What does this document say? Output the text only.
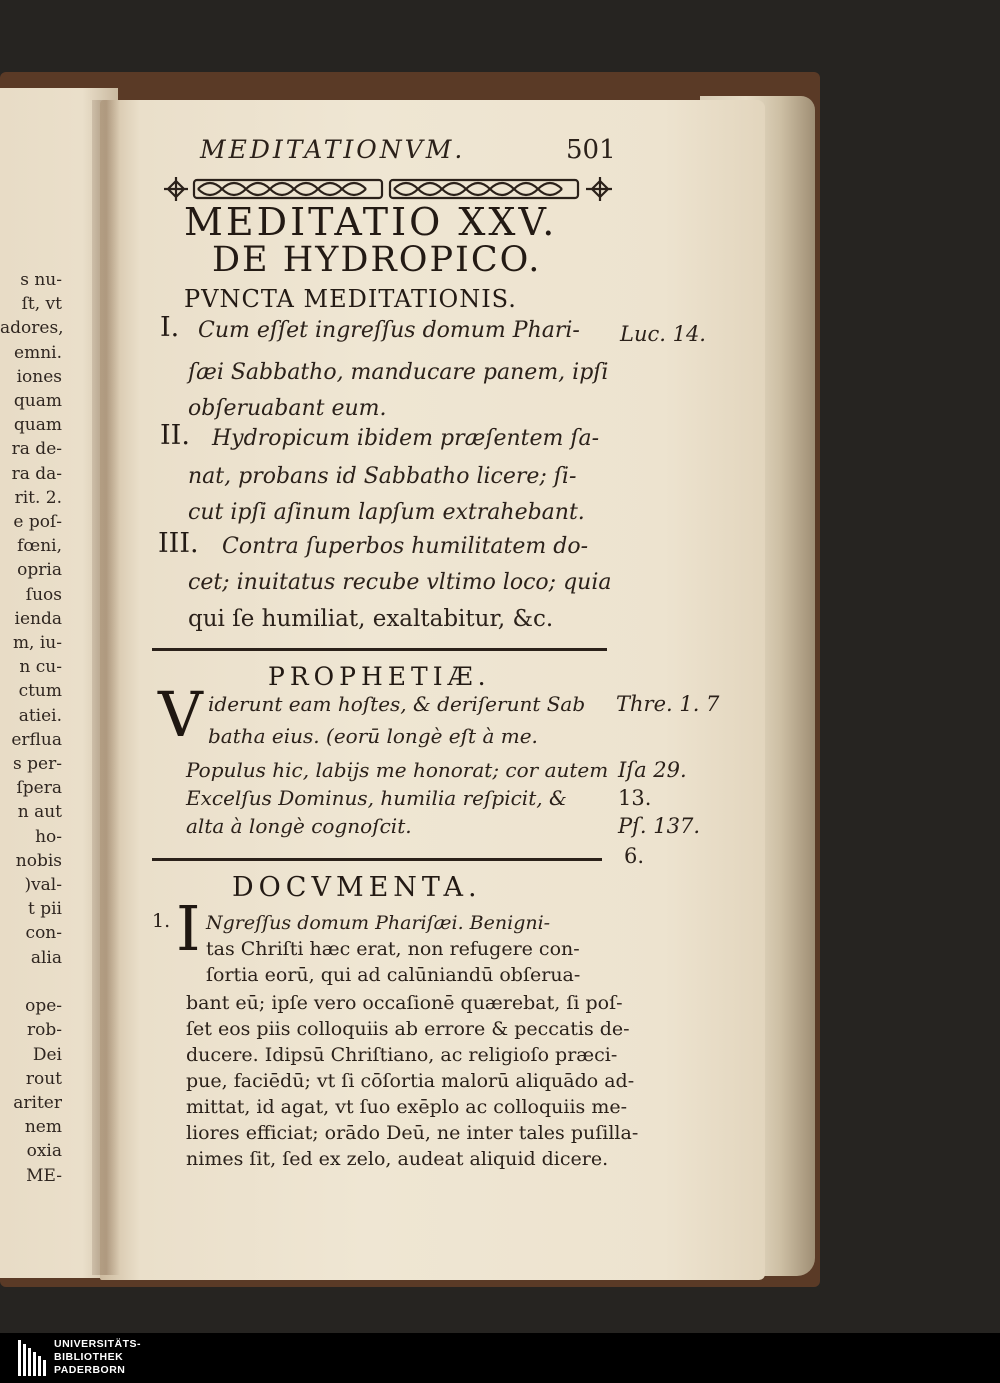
s nu-
ſt, vt
adores,
emni.
iones
quam
quam
ra de-
ra da-
rit. 2.
e poſ-
fœni,
opria
ſuos
ienda
m, iu-
n cu-
ctum
atiei.
erflua
s per-
ſpera
n aut
ho-
nobis
)val-
t pii
con-
alia

ope-
rob-
Dei
rout
ariter
nem
oxia
ME-
MEDITATIONVM.	501
MEDITATIO XXV.
DE HYDROPICO.
PVNCTA MEDITATIONIS.
I. Cum eſſet ingreſſus domum Phari-
ſæi Sabbatho, manducare panem, ipſi
obſeruabant eum.
II. Hydropicum ibidem præſentem ſa-
nat, probans id Sabbatho licere; ſi-
cut ipſi aſinum lapſum extrahebant.
III. Contra ſuperbos humilitatem do-
cet; inuitatus recube vltimo loco; quia
qui ſe humiliat, exaltabitur, &c.
Luc. 14.
PROPHETIÆ.
V iderunt eam hoſtes, & deriſerunt Sab
batha eius. (eorū longè eſt à me.
Populus hic, labijs me honorat; cor autem
Excelſus Dominus, humilia reſpicit, &
alta à longè cognoſcit.
Thre. 1. 7
Iſa 29.
13.
Pſ. 137.
6.
DOCVMENTA.
1. I Ngreſſus domum Phariſæi. Benigni-
tas Chriſti hæc erat, non refugere con-
ſortia eorū, qui ad calūniandū obſerua-
bant eū; ipſe vero occaſionē quærebat, ſi poſ-
ſet eos piis colloquiis ab errore & peccatis de-
ducere. Idipsū Chriſtiano, ac religioſo præci-
pue, faciēdū; vt ſi cōſortia malorū aliquādo ad-
mittat, id agat, vt ſuo exēplo ac colloquiis me-
liores efficiat; orādo Deū, ne inter tales puſilla-
nimes ſit, ſed ex zelo, audeat aliquid dicere.
UNIVERSITÄTS-
BIBLIOTHEK
PADERBORN
